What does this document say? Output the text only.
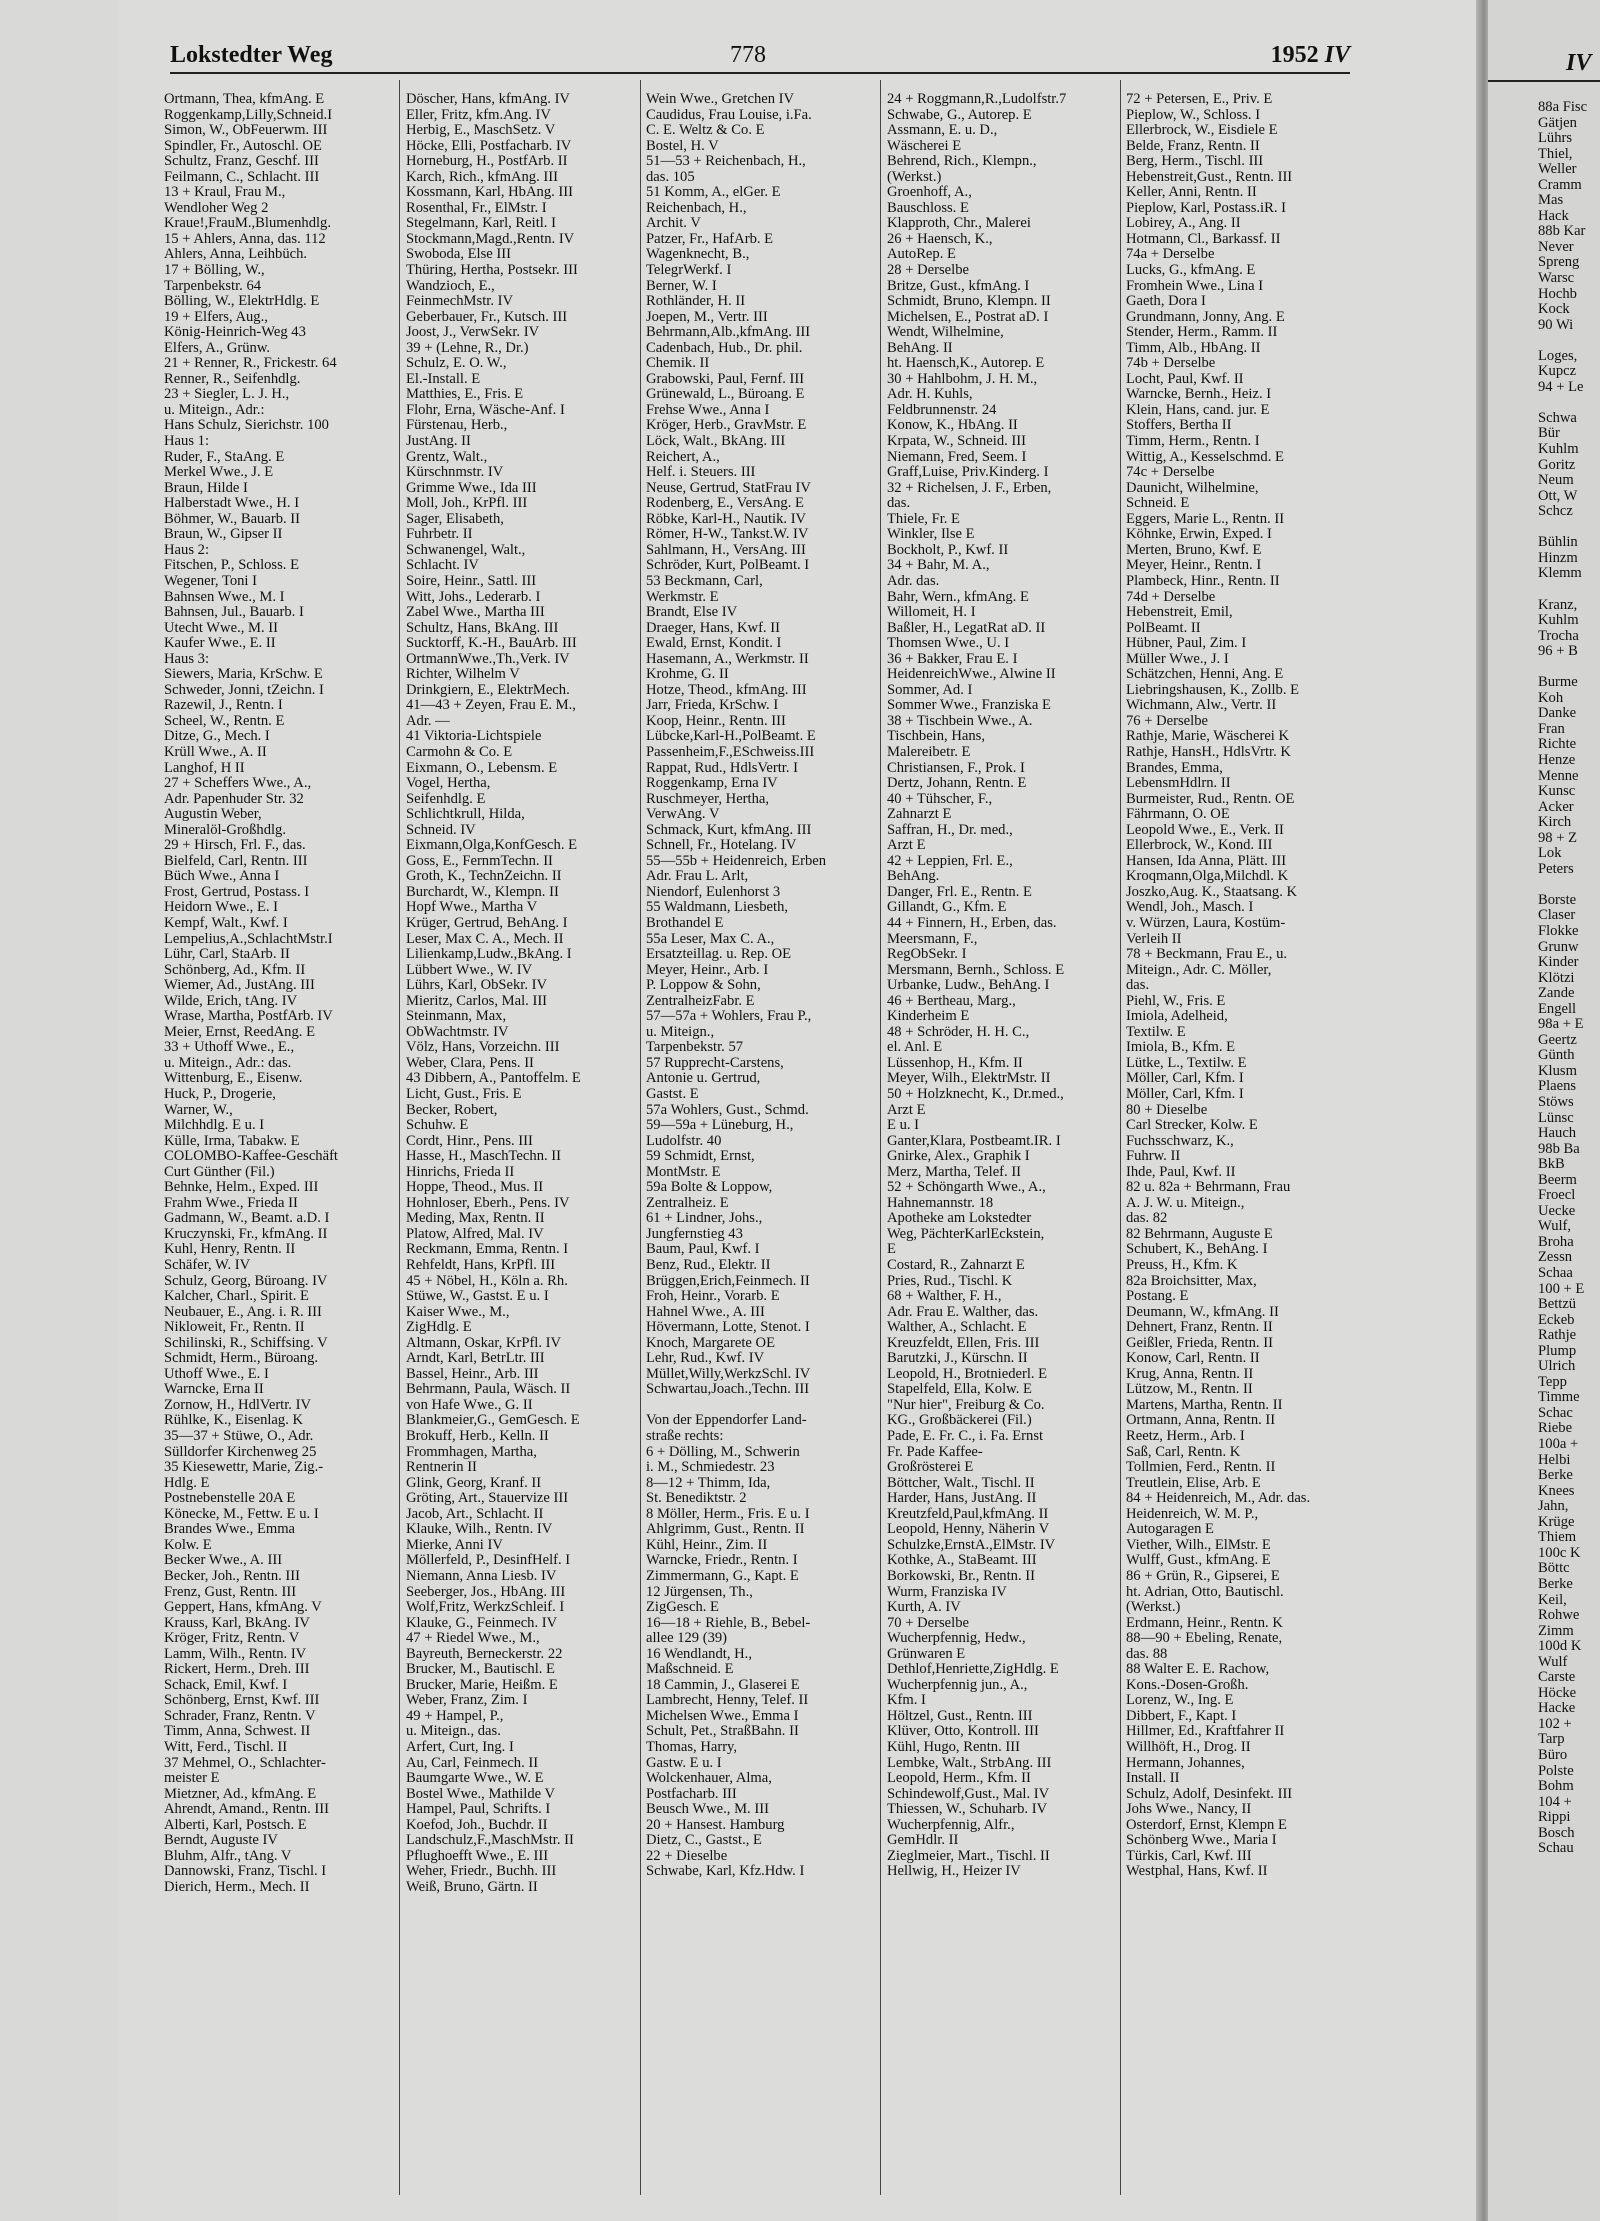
Lokstedter Weg	778	1952 IV
Ortmann, Thea, kfmAng. E
Roggenkamp,Lilly,Schneid.I
Simon, W., ObFeuerwm. III
Spindler, Fr., Autoschl. OE
Schultz, Franz, Geschf. III
Feilmann, C., Schlacht. III
13 + Kraul, Frau M.,
Wendloher Weg 2
Kraue!,FrauM.,Blumenhdlg.
15 + Ahlers, Anna, das. 112
Ahlers, Anna, Leihbüch.
17 + Bölling, W.,
Tarpenbekstr. 64
Bölling, W., ElektrHdlg. E
19 + Elfers, Aug.,
König-Heinrich-Weg 43
Elfers, A., Grünw.
21 + Renner, R., Frickestr. 64
Renner, R., Seifenhdlg.
23 + Siegler, L. J. H.,
u. Miteign., Adr.:
Hans Schulz, Sierichstr. 100
Haus 1:
Ruder, F., StaAng. E
Merkel Wwe., J. E
Braun, Hilde I
Halberstadt Wwe., H. I
Böhmer, W., Bauarb. II
Braun, W., Gipser II
Haus 2:
Fitschen, P., Schloss. E
Wegener, Toni I
Bahnsen Wwe., M. I
Bahnsen, Jul., Bauarb. I
Utecht Wwe., M. II
Kaufer Wwe., E. II
Haus 3:
Siewers, Maria, KrSchw. E
Schweder, Jonni, tZeichn. I
Razewil, J., Rentn. I
Scheel, W., Rentn. E
Ditze, G., Mech. I
Krüll Wwe., A. II
Langhof, H II
27 + Scheffers Wwe., A.,
Adr. Papenhuder Str. 32
Augustin Weber,
Mineralöl-Großhdlg.
29 + Hirsch, Frl. F., das.
Bielfeld, Carl, Rentn. III
Büch Wwe., Anna I
Frost, Gertrud, Postass. I
Heidorn Wwe., E. I
Kempf, Walt., Kwf. I
Lempelius,A.,SchlachtMstr.I
Lühr, Carl, StaArb. II
Schönberg, Ad., Kfm. II
Wiemer, Ad., JustAng. III
Wilde, Erich, tAng. IV
Wrase, Martha, PostfArb. IV
Meier, Ernst, ReedAng. E
33 + Uthoff Wwe., E.,
u. Miteign., Adr.: das.
Wittenburg, E., Eisenw.
Huck, P., Drogerie,
Warner, W.,
Milchhdlg. E u. I
Külle, Irma, Tabakw. E
COLOMBO-Kaffee-Geschäft
Curt Günther (Fil.)
Behnke, Helm., Exped. III
Frahm Wwe., Frieda II
Gadmann, W., Beamt. a.D. I
Kruczynski, Fr., kfmAng. II
Kuhl, Henry, Rentn. II
Schäfer, W. IV
Schulz, Georg, Büroang. IV
Kalcher, Charl., Spirit. E
Neubauer, E., Ang. i. R. III
Nikloweit, Fr., Rentn. II
Schilinski, R., Schiffsing. V
Schmidt, Herm., Büroang.
Uthoff Wwe., E. I
Warncke, Erna II
Zornow, H., HdlVertr. IV
Rühlke, K., Eisenlag. K
35—37 + Stüwe, O., Adr.
Sülldorfer Kirchenweg 25
35 Kiesewettr, Marie, Zig.-
Hdlg. E
Postnebenstelle 20A E
Könecke, M., Fettw. E u. I
Brandes Wwe., Emma
Kolw. E
Becker Wwe., A. III
Becker, Joh., Rentn. III
Frenz, Gust, Rentn. III
Geppert, Hans, kfmAng. V
Krauss, Karl, BkAng. IV
Kröger, Fritz, Rentn. V
Lamm, Wilh., Rentn. IV
Rickert, Herm., Dreh. III
Schack, Emil, Kwf. I
Schönberg, Ernst, Kwf. III
Schrader, Franz, Rentn. V
Timm, Anna, Schwest. II
Witt, Ferd., Tischl. II
37 Mehmel, O., Schlachter-
meister E
Mietzner, Ad., kfmAng. E
Ahrendt, Amand., Rentn. III
Alberti, Karl, Postsch. E
Berndt, Auguste IV
Bluhm, Alfr., tAng. V
Dannowski, Franz, Tischl. I
Dierich, Herm., Mech. II
Döscher, Hans, kfmAng. IV
Eller, Fritz, kfm.Ang. IV
Herbig, E., MaschSetz. V
Höcke, Elli, Postfacharb. IV
Horneburg, H., PostfArb. II
Karch, Rich., kfmAng. III
Kossmann, Karl, HbAng. III
Rosenthal, Fr., ElMstr. I
Stegelmann, Karl, Reitl. I
Stockmann,Magd.,Rentn. IV
Swoboda, Else III
Thüring, Hertha, Postsekr. III
Wandzioch, E.,
FeinmechMstr. IV
Geberbauer, Fr., Kutsch. III
Joost, J., VerwSekr. IV
39 + (Lehne, R., Dr.)
Schulz, E. O. W.,
El.-Install. E
Matthies, E., Fris. E
Flohr, Erna, Wäsche-Anf. I
Fürstenau, Herb.,
JustAng. II
Grentz, Walt.,
Kürschnmstr. IV
Grimme Wwe., Ida III
Moll, Joh., KrPfl. III
Sager, Elisabeth,
Fuhrbetr. II
Schwanengel, Walt.,
Schlacht. IV
Soire, Heinr., Sattl. III
Witt, Johs., Lederarb. I
Zabel Wwe., Martha III
Schultz, Hans, BkAng. III
Sucktorff, K.-H., BauArb. III
OrtmannWwe.,Th.,Verk. IV
Richter, Wilhelm V
Drinkgiern, E., ElektrMech.
41—43 + Zeyen, Frau E. M.,
Adr. —
41 Viktoria-Lichtspiele
Carmohn & Co. E
Eixmann, O., Lebensm. E
Vogel, Hertha,
Seifenhdlg. E
Schlichtkrull, Hilda,
Schneid. IV
Eixmann,Olga,KonfGesch. E
Goss, E., FernmTechn. II
Groth, K., TechnZeichn. II
Burchardt, W., Klempn. II
Hopf Wwe., Martha V
Krüger, Gertrud, BehAng. I
Leser, Max C. A., Mech. II
Lilienkamp,Ludw.,BkAng. I
Lübbert Wwe., W. IV
Lührs, Karl, ObSekr. IV
Mieritz, Carlos, Mal. III
Steinmann, Max,
ObWachtmstr. IV
Völz, Hans, Vorzeichn. III
Weber, Clara, Pens. II
43 Dibbern, A., Pantoffelm. E
Licht, Gust., Fris. E
Becker, Robert,
Schuhw. E
Cordt, Hinr., Pens. III
Hasse, H., MaschTechn. II
Hinrichs, Frieda II
Hoppe, Theod., Mus. II
Hohnloser, Eberh., Pens. IV
Meding, Max, Rentn. II
Platow, Alfred, Mal. IV
Reckmann, Emma, Rentn. I
Rehfeldt, Hans, KrPfl. III
45 + Nöbel, H., Köln a. Rh.
Stüwe, W., Gastst. E u. I
Kaiser Wwe., M.,
ZigHdlg. E
Altmann, Oskar, KrPfl. IV
Arndt, Karl, BetrLtr. III
Bassel, Heinr., Arb. III
Behrmann, Paula, Wäsch. II
von Hafe Wwe., G. II
Blankmeier,G., GemGesch. E
Brokuff, Herb., Kelln. II
Frommhagen, Martha,
Rentnerin II
Glink, Georg, Kranf. II
Gröting, Art., Stauervize III
Jacob, Art., Schlacht. II
Klauke, Wilh., Rentn. IV
Mierke, Anni IV
Möllerfeld, P., DesinfHelf. I
Niemann, Anna Liesb. IV
Seeberger, Jos., HbAng. III
Wolf,Fritz, WerkzSchleif. I
Klauke, G., Feinmech. IV
47 + Riedel Wwe., M.,
Bayreuth, Berneckerstr. 22
Brucker, M., Bautischl. E
Brucker, Marie, Heißm. E
Weber, Franz, Zim. I
49 + Hampel, P.,
u. Miteign., das.
Arfert, Curt, Ing. I
Au, Carl, Feinmech. II
Baumgarte Wwe., W. E
Bostel Wwe., Mathilde V
Hampel, Paul, Schrifts. I
Koefod, Joh., Buchdr. II
Landschulz,F.,MaschMstr. II
Pflughoefft Wwe., E. III
Weher, Friedr., Buchh. III
Weiß, Bruno, Gärtn. II
Wein Wwe., Gretchen IV
Caudidus, Frau Louise, i.Fa.
C. E. Weltz & Co. E
Bostel, H. V
51—53 + Reichenbach, H.,
das. 105
51 Komm, A., elGer. E
Reichenbach, H.,
Archit. V
Patzer, Fr., HafArb. E
Wagenknecht, B.,
TelegrWerkf. I
Berner, W. I
Rothländer, H. II
Joepen, M., Vertr. III
Behrmann,Alb.,kfmAng. III
Cadenbach, Hub., Dr. phil.
Chemik. II
Grabowski, Paul, Fernf. III
Grünewald, L., Büroang. E
Frehse Wwe., Anna I
Kröger, Herb., GravMstr. E
Löck, Walt., BkAng. III
Reichert, A.,
Helf. i. Steuers. III
Neuse, Gertrud, StatFrau IV
Rodenberg, E., VersAng. E
Röbke, Karl-H., Nautik. IV
Römer, H-W., Tankst.W. IV
Sahlmann, H., VersAng. III
Schröder, Kurt, PolBeamt. I
53 Beckmann, Carl,
Werkmstr. E
Brandt, Else IV
Draeger, Hans, Kwf. II
Ewald, Ernst, Kondit. I
Hasemann, A., Werkmstr. II
Krohme, G. II
Hotze, Theod., kfmAng. III
Jarr, Frieda, KrSchw. I
Koop, Heinr., Rentn. III
Lübcke,Karl-H.,PolBeamt. E
Passenheim,F.,ESchweiss.III
Rappat, Rud., HdlsVertr. I
Roggenkamp, Erna IV
Ruschmeyer, Hertha,
VerwAng. V
Schmack, Kurt, kfmAng. III
Schnell, Fr., Hotelang. IV
55—55b + Heidenreich, Erben
Adr. Frau L. Arlt,
Niendorf, Eulenhorst 3
55 Waldmann, Liesbeth,
Brothandel E
55a Leser, Max C. A.,
Ersatzteillag. u. Rep. OE
Meyer, Heinr., Arb. I
P. Loppow & Sohn,
ZentralheizFabr. E
57—57a + Wohlers, Frau P.,
u. Miteign.,
Tarpenbekstr. 57
57 Rupprecht-Carstens,
Antonie u. Gertrud,
Gastst. E
57a Wohlers, Gust., Schmd.
59—59a + Lüneburg, H.,
Ludolfstr. 40
59 Schmidt, Ernst,
MontMstr. E
59a Bolte & Loppow,
Zentralheiz. E
61 + Lindner, Johs.,
Jungfernstieg 43
Baum, Paul, Kwf. I
Benz, Rud., Elektr. II
Brüggen,Erich,Feinmech. II
Froh, Heinr., Vorarb. E
Hahnel Wwe., A. III
Hövermann, Lotte, Stenot. I
Knoch, Margarete OE
Lehr, Rud., Kwf. IV
Müllet,Willy,WerkzSchl. IV
Schwartau,Joach.,Techn. III
Von der Eppendorfer Land-
straße rechts:
6 + Dölling, M., Schwerin
i. M., Schmiedestr. 23
8—12 + Thimm, Ida,
St. Benediktstr. 2
8 Möller, Herm., Fris. E u. I
Ahlgrimm, Gust., Rentn. II
Kühl, Heinr., Zim. II
Warncke, Friedr., Rentn. I
Zimmermann, G., Kapt. E
12 Jürgensen, Th.,
ZigGesch. E
16—18 + Riehle, B., Bebel-
allee 129 (39)
16 Wendlandt, H.,
Maßschneid. E
18 Cammin, J., Glaserei E
Lambrecht, Henny, Telef. II
Michelsen Wwe., Emma I
Schult, Pet., StraßBahn. II
Thomas, Harry,
Gastw. E u. I
Wolckenhauer, Alma,
Postfacharb. III
Beusch Wwe., M. III
20 + Hansest. Hamburg
Dietz, C., Gastst., E
22 + Dieselbe
Schwabe, Karl, Kfz.Hdw. I
24 + Roggmann,R.,Ludolfstr.7
Schwabe, G., Autorep. E
Assmann, E. u. D.,
Wäscherei E
Behrend, Rich., Klempn.,
(Werkst.)
Groenhoff, A.,
Bauschloss. E
Klapproth, Chr., Malerei
26 + Haensch, K.,
AutoRep. E
28 + Derselbe
Britze, Gust., kfmAng. I
Schmidt, Bruno, Klempn. II
Michelsen, E., Postrat aD. I
Wendt, Wilhelmine,
BehAng. II
ht. Haensch,K., Autorep. E
30 + Hahlbohm, J. H. M.,
Adr. H. Kuhls,
Feldbrunnenstr. 24
Konow, K., HbAng. II
Krpata, W., Schneid. III
Niemann, Fred, Seem. I
Graff,Luise, Priv.Kinderg. I
32 + Richelsen, J. F., Erben,
das.
Thiele, Fr. E
Winkler, Ilse E
Bockholt, P., Kwf. II
34 + Bahr, M. A.,
Adr. das.
Bahr, Wern., kfmAng. E
Willomeit, H. I
Baßler, H., LegatRat aD. II
Thomsen Wwe., U. I
36 + Bakker, Frau E. I
HeidenreichWwe., Alwine II
Sommer, Ad. I
Sommer Wwe., Franziska E
38 + Tischbein Wwe., A.
Tischbein, Hans,
Malereibetr. E
Christiansen, F., Prok. I
Dertz, Johann, Rentn. E
40 + Tühscher, F.,
Zahnarzt E
Saffran, H., Dr. med.,
Arzt E
42 + Leppien, Frl. E.,
BehAng.
Danger, Frl. E., Rentn. E
Gillandt, G., Kfm. E
44 + Finnern, H., Erben, das.
Meersmann, F.,
RegObSekr. I
Mersmann, Bernh., Schloss. E
Urbanke, Ludw., BehAng. I
46 + Bertheau, Marg.,
Kinderheim E
48 + Schröder, H. H. C.,
el. Anl. E
Lüssenhop, H., Kfm. II
Meyer, Wilh., ElektrMstr. II
50 + Holzknecht, K., Dr.med.,
Arzt E
E u. I
Ganter,Klara, Postbeamt.IR. I
Gnirke, Alex., Graphik I
Merz, Martha, Telef. II
52 + Schöngarth Wwe., A.,
Hahnemannstr. 18
Apotheke am Lokstedter
Weg, PächterKarlEckstein,
E
Costard, R., Zahnarzt E
Pries, Rud., Tischl. K
68 + Walther, F. H.,
Adr. Frau E. Walther, das.
Walther, A., Schlacht. E
Kreuzfeldt, Ellen, Fris. III
Barutzki, J., Kürschn. II
Leopold, H., Brotniederl. E
Stapelfeld, Ella, Kolw. E
"Nur hier", Freiburg & Co.
KG., Großbäckerei (Fil.)
Pade, E. Fr. C., i. Fa. Ernst
Fr. Pade Kaffee-
Großrösterei E
Böttcher, Walt., Tischl. II
Harder, Hans, JustAng. II
Kreutzfeld,Paul,kfmAng. II
Leopold, Henny, Näherin V
Schulzke,ErnstA.,ElMstr. IV
Kothke, A., StaBeamt. III
Borkowski, Br., Rentn. II
Wurm, Franziska IV
Kurth, A. IV
70 + Derselbe
Wucherpfennig, Hedw.,
Grünwaren E
Dethlof,Henriette,ZigHdlg. E
Wucherpfennig jun., A.,
Kfm. I
Höltzel, Gust., Rentn. III
Klüver, Otto, Kontroll. III
Kühl, Hugo, Rentn. III
Lembke, Walt., StrbAng. III
Leopold, Herm., Kfm. II
Schindewolf,Gust., Mal. IV
Thiessen, W., Schuharb. IV
Wucherpfennig, Alfr.,
GemHdlr. II
Zieglmeier, Mart., Tischl. II
Hellwig, H., Heizer IV
72 + Petersen, E., Priv. E
Pieplow, W., Schloss. I
Ellerbrock, W., Eisdiele E
Belde, Franz, Rentn. II
Berg, Herm., Tischl. III
Hebenstreit,Gust., Rentn. III
Keller, Anni, Rentn. II
Pieplow, Karl, Postass.iR. I
Lobirey, A., Ang. II
Hotmann, Cl., Barkassf. II
74a + Derselbe
Lucks, G., kfmAng. E
Fromhein Wwe., Lina I
Gaeth, Dora I
Grundmann, Jonny, Ang. E
Stender, Herm., Ramm. II
Timm, Alb., HbAng. II
74b + Derselbe
Locht, Paul, Kwf. II
Warncke, Bernh., Heiz. I
Klein, Hans, cand. jur. E
Stoffers, Bertha II
Timm, Herm., Rentn. I
Wittig, A., Kesselschmd. E
74c + Derselbe
Daunicht, Wilhelmine,
Schneid. E
Eggers, Marie L., Rentn. II
Köhnke, Erwin, Exped. I
Merten, Bruno, Kwf. E
Meyer, Heinr., Rentn. I
Plambeck, Hinr., Rentn. II
74d + Derselbe
Hebenstreit, Emil,
PolBeamt. II
Hübner, Paul, Zim. I
Müller Wwe., J. I
Schätzchen, Henni, Ang. E
Liebringshausen, K., Zollb. E
Wichmann, Alw., Vertr. II
76 + Derselbe
Rathje, Marie, Wäscherei K
Rathje, HansH., HdlsVrtr. K
Brandes, Emma,
LebensmHdlrn. II
Burmeister, Rud., Rentn. OE
Fährmann, O. OE
Leopold Wwe., E., Verk. II
Ellerbrock, W., Kond. III
Hansen, Ida Anna, Plätt. III
Kroqmann,Olga,Milchdl. K
Joszko,Aug. K., Staatsang. K
Wendl, Joh., Masch. I
v. Würzen, Laura, Kostüm-
Verleih II
78 + Beckmann, Frau E., u.
Miteign., Adr. C. Möller,
das.
Piehl, W., Fris. E
Imiola, Adelheid,
Textilw. E
Imiola, B., Kfm. E
Lütke, L., Textilw. E
Möller, Carl, Kfm. I
Möller, Carl, Kfm. I
80 + Dieselbe
Carl Strecker, Kolw. E
Fuchsschwarz, K.,
Fuhrw. II
Ihde, Paul, Kwf. II
82 u. 82a + Behrmann, Frau
A. J. W. u. Miteign.,
das. 82
82 Behrmann, Auguste E
Schubert, K., BehAng. I
Preuss, H., Kfm. K
82a Broichsitter, Max,
Postang. E
Deumann, W., kfmAng. II
Dehnert, Franz, Rentn. II
Geißler, Frieda, Rentn. II
Konow, Carl, Rentn. II
Krug, Anna, Rentn. II
Lützow, M., Rentn. II
Martens, Martha, Rentn. II
Ortmann, Anna, Rentn. II
Reetz, Herm., Arb. I
Saß, Carl, Rentn. K
Tollmien, Ferd., Rentn. II
Treutlein, Elise, Arb. E
84 + Heidenreich, M., Adr. das.
Heidenreich, W. M. P.,
Autogaragen E
Viether, Wilh., ElMstr. E
Wulff, Gust., kfmAng. E
86 + Grün, R., Gipserei, E
ht. Adrian, Otto, Bautischl.
(Werkst.)
Erdmann, Heinr., Rentn. K
88—90 + Ebeling, Renate,
das. 88
88 Walter E. E. Rachow,
Kons.-Dosen-Großh.
Lorenz, W., Ing. E
Dibbert, F., Kapt. I
Hillmer, Ed., Kraftfahrer II
Willhöft, H., Drog. II
Hermann, Johannes,
Install. II
Schulz, Adolf, Desinfekt. III
Johs Wwe., Nancy, II
Osterdorf, Ernst, Klempn E
Schönberg Wwe., Maria I
Türkis, Carl, Kwf. III
Westphal, Hans, Kwf. II
IV
88a Fisc
Gätjen
Lührs
Thiel,
Weller
Cramm
Mas
Hack
88b Kar
Never
Spreng
Warsc
Hochb
Kock
90 Wi
Loges,
Kupcz
94 + Le
Schwa
Bür
Kuhlm
Goritz
Neum
Ott, W
Schcz
Bühlin
Hinzm
Klemm
Kranz,
Kuhlm
Trocha
96 + B
Burme
Koh
Danke
Fran
Richte
Henze
Menne
Kunsc
Acker
Kirch
98 + Z
Lok
Peters
Borste
Claser
Flokke
Grunw
Kinder
Klötzi
Zande
Engell
98a + E
Geertz
Günth
Klusm
Plaens
Stöws
Lünsc
Hauch
98b Ba
BkB
Beerm
Froecl
Uecke
Wulf,
Broha
Zessn
Schaa
100 + E
Bettzü
Eckeb
Rathje
Plump
Ulrich
Tepp
Timme
Schac
Riebe
100a +
Helbi
Berke
Knees
Jahn,
Krüge
Thiem
100c K
Böttc
Berke
Keil,
Rohwe
Zimm
100d K
Wulf
Carste
Höcke
Hacke
102 +
Tarp
Büro
Polste
Bohm
104 +
Rippi
Bosch
Schau
